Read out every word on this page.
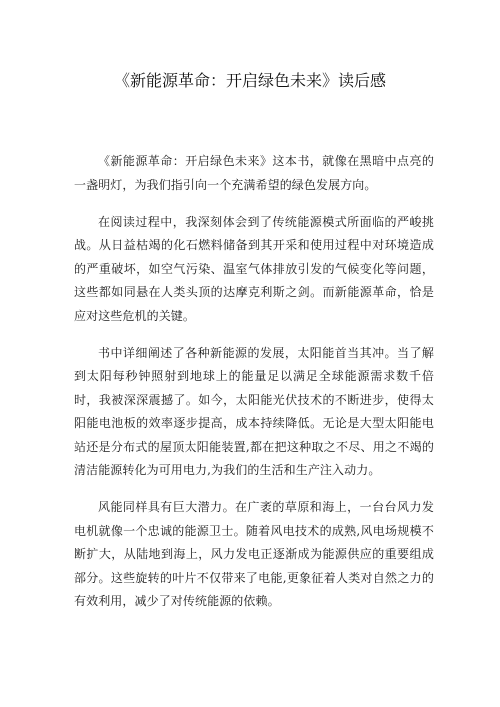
《新能源革命：开启绿色未来》读后感

《新能源革命：开启绿色未来》这本书，就像在黑暗中点亮的一盏明灯，为我们指引向一个充满希望的绿色发展方向。

在阅读过程中，我深刻体会到了传统能源模式所面临的严峻挑战。从日益枯竭的化石燃料储备到其开采和使用过程中对环境造成的严重破坏，如空气污染、温室气体排放引发的气候变化等问题，这些都如同悬在人类头顶的达摩克利斯之剑。而新能源革命，恰是应对这些危机的关键。

书中详细阐述了各种新能源的发展，太阳能首当其冲。当了解到太阳每秒钟照射到地球上的能量足以满足全球能源需求数千倍时，我被深深震撼了。如今，太阳能光伏技术的不断进步，使得太阳能电池板的效率逐步提高，成本持续降低。无论是大型太阳能电站还是分布式的屋顶太阳能装置,都在把这种取之不尽、用之不竭的清洁能源转化为可用电力,为我们的生活和生产注入动力。

风能同样具有巨大潜力。在广袤的草原和海上，一台台风力发电机就像一个忠诚的能源卫士。随着风电技术的成熟,风电场规模不断扩大，从陆地到海上，风力发电正逐渐成为能源供应的重要组成部分。这些旋转的叶片不仅带来了电能,更象征着人类对自然之力的有效利用，减少了对传统能源的依赖。
